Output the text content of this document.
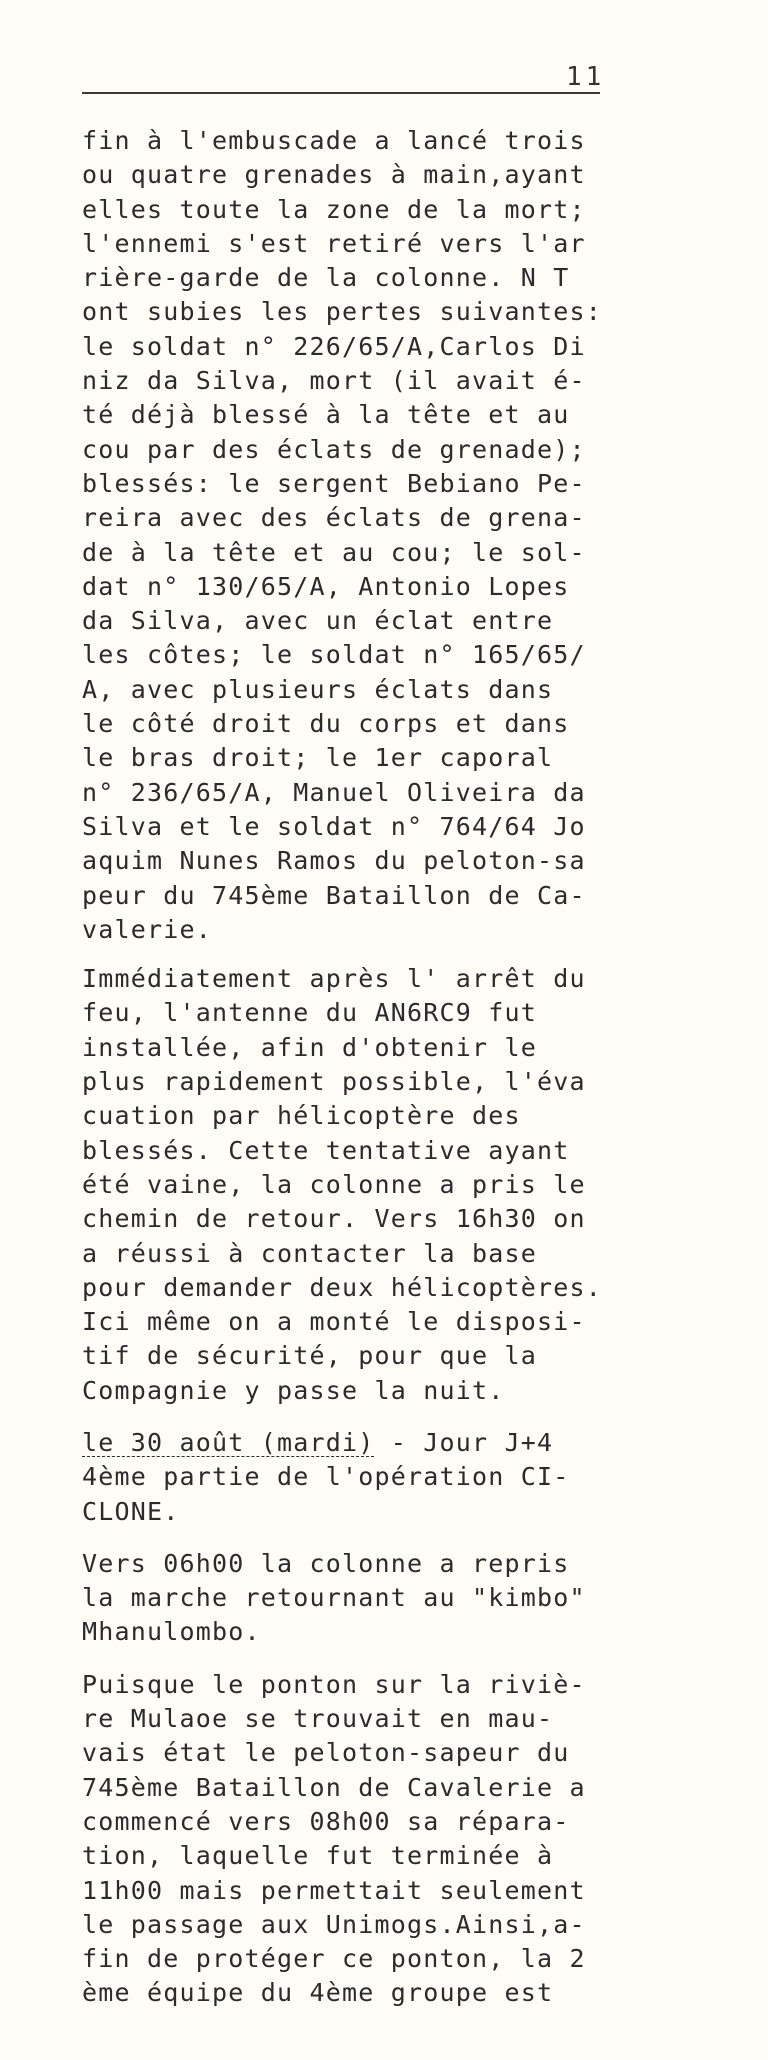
11
fin à l'embuscade a lancé trois
ou quatre grenades à main,ayant
elles toute la zone de la mort;
l'ennemi s'est retiré vers l'ar
rière-garde de la colonne. N T
ont subies les pertes suivantes:
le soldat n° 226/65/A,Carlos Di
niz da Silva, mort (il avait é-
té déjà blessé à la tête et au
cou par des éclats de grenade);
blessés: le sergent Bebiano Pe-
reira avec des éclats de grena-
de à la tête et au cou; le sol-
dat n° 130/65/A, Antonio Lopes
da Silva, avec un éclat entre
les côtes; le soldat n° 165/65/
A, avec plusieurs éclats dans
le côté droit du corps et dans
le bras droit; le 1er caporal
n° 236/65/A, Manuel Oliveira da
Silva et le soldat n° 764/64 Jo
aquim Nunes Ramos du peloton-sa
peur du 745ème Bataillon de Ca-
valerie.
Immédiatement après l' arrêt du
feu, l'antenne du AN6RC9 fut
installée, afin d'obtenir le
plus rapidement possible, l'éva
cuation par hélicoptère des
blessés. Cette tentative ayant
été vaine, la colonne a pris le
chemin de retour. Vers 16h30 on
a réussi à contacter la base
pour demander deux hélicoptères.
Ici même on a monté le disposi-
tif de sécurité, pour que la
Compagnie y passe la nuit.
le 30 août (mardi) - Jour J+4
4ème partie de l'opération CI-
CLONE.
Vers 06h00 la colonne a repris
la marche retournant au "kimbo"
Mhanulombo.
Puisque le ponton sur la riviè-
re Mulaoe se trouvait en mau-
vais état le peloton-sapeur du
745ème Bataillon de Cavalerie a
commencé vers 08h00 sa répara-
tion, laquelle fut terminée à
11h00 mais permettait seulement
le passage aux Unimogs.Ainsi,a-
fin de protéger ce ponton, la 2
ème équipe du 4ème groupe est
